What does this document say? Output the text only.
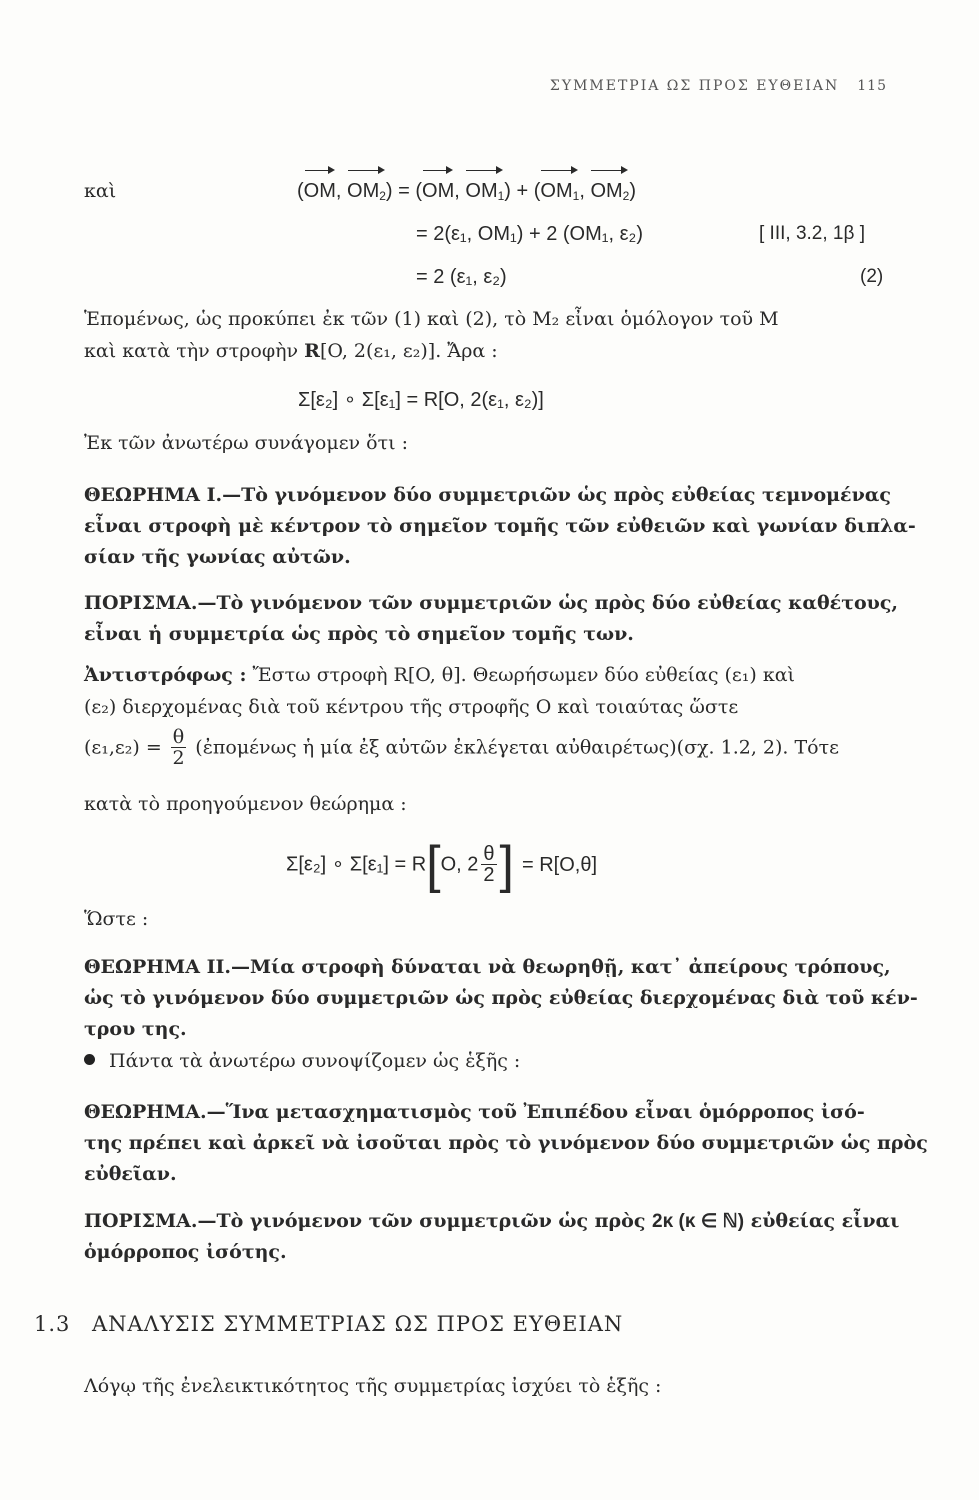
ΣΥΜΜΕΤΡΙΑ ΩΣ ΠΡΟΣ ΕΥΘΕΙΑΝ 115
καὶ	(OM, $OM_2) = (OM$, $OM_1) + (OM_1$, $OM_2$)
= 2(ε₁, OM₁) + 2 (OM₁, ε₂)	[ III, 3.2, 1β ]
= 2 (ε₁, ε₂)	(2)
Ἑπομένως, ὡς προκύπει ἐκ τῶν (1) καὶ (2), τὸ M₂ εἶναι ὁμόλογον τοῦ M
καὶ κατὰ τὴν στροφὴν R[O, 2(ε₁, ε₂)]. Ἄρα :
Σ[ε₂] ∘ Σ[ε₁] = R[O, 2(ε₁, ε₂)]
Ἐκ τῶν ἀνωτέρω συνάγομεν ὅτι :
ΘΕΩΡΗΜΑ Ι.—Τὸ γινόμενον δύο συμμετριῶν ὡς πρὸς εὐθείας τεμνομένας
εἶναι στροφὴ μὲ κέντρον τὸ σημεῖον τομῆς τῶν εὐθειῶν καὶ γωνίαν διπλα-
σίαν τῆς γωνίας αὐτῶν.
ΠΟΡΙΣΜΑ.—Τὸ γινόμενον τῶν συμμετριῶν ὡς πρὸς δύο εὐθείας καθέτους,
εἶναι ἡ συμμετρία ὡς πρὸς τὸ σημεῖον τομῆς των.
Ἀντιστρόφως : Ἔστω στροφὴ R[O, θ]. Θεωρήσωμεν δύο εὐθείας (ε₁) καὶ
(ε₂) διερχομένας διὰ τοῦ κέντρου τῆς στροφῆς O καὶ τοιαύτας ὥστε
$(\varepsilon_1,\varepsilon_2) = \frac{\theta}{2}$ (ἐπομένως ἡ μία ἐξ αὐτῶν ἐκλέγεται αὐθαιρέτως)(σχ. 1.2, 2). Τότε
κατὰ τὸ προηγούμενον θεώρημα :
Σ[ε₂] ∘ Σ[ε₁] = R[O, $2 \frac{\theta}{2}$ ] = R[O,θ]
Ὥστε :
ΘΕΩΡΗΜΑ ΙΙ.—Μία στροφὴ δύναται νὰ θεωρηθῇ, κατ᾿ ἀπείρους τρόπους,
ὡς τὸ γινόμενον δύο συμμετριῶν ὡς πρὸς εὐθείας διερχομένας διὰ τοῦ κέν-
τρου της.
Πάντα τὰ ἀνωτέρω συνοψίζομεν ὡς ἑξῆς :
ΘΕΩΡΗΜΑ.—Ἵνα μετασχηματισμὸς τοῦ Ἐπιπέδου εἶναι ὁμόρροπος ἰσό-
της πρέπει καὶ ἀρκεῖ νὰ ἰσοῦται πρὸς τὸ γινόμενον δύο συμμετριῶν ὡς πρὸς
εὐθεῖαν.
ΠΟΡΙΣΜΑ.—Τὸ γινόμενον τῶν συμμετριῶν ὡς πρὸς 2κ (κ ∈ ℕ) εὐθείας εἶναι
ὁμόρροπος ἰσότης.
1.3 ΑΝΑΛΥΣΙΣ ΣΥΜΜΕΤΡΙΑΣ ΩΣ ΠΡΟΣ ΕΥΘΕΙΑΝ
Λόγῳ τῆς ἐνελεικτικότητος τῆς συμμετρίας ἰσχύει τὸ ἑξῆς :
